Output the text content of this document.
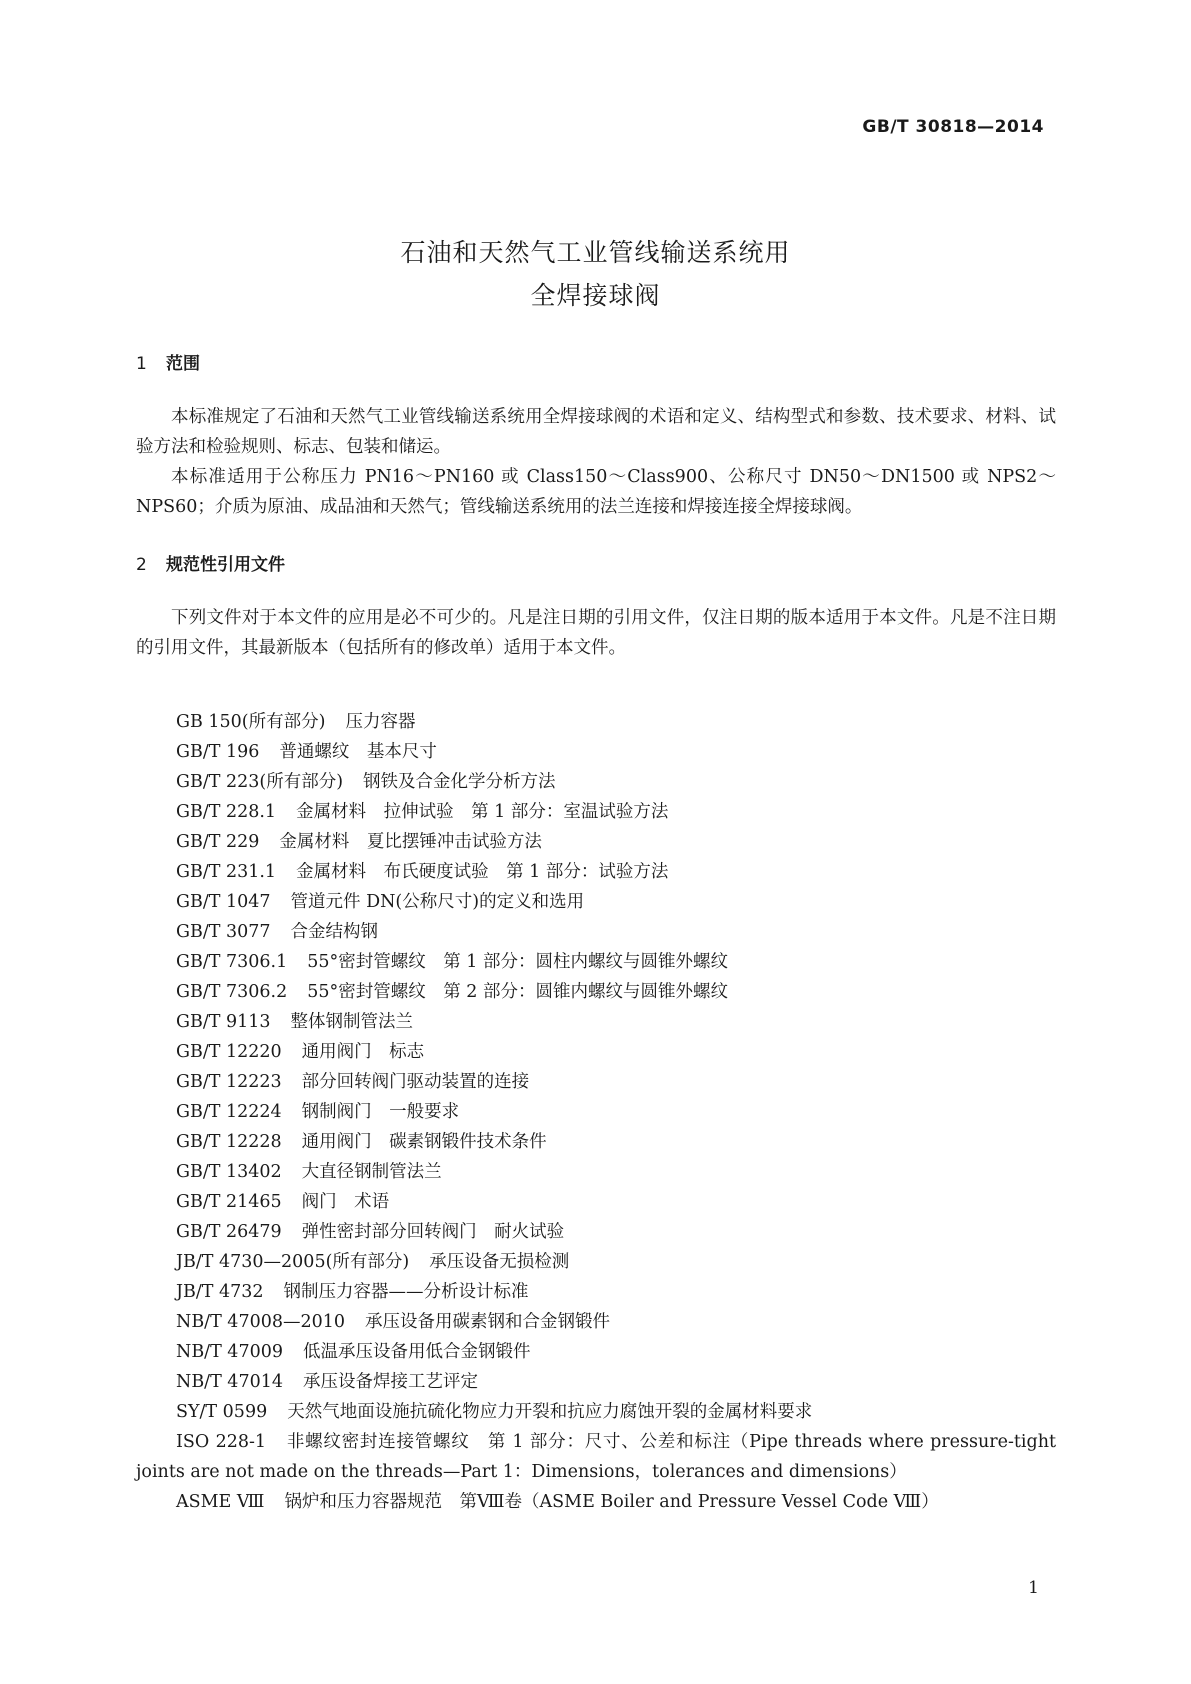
GB/T 30818—2014
石油和天然气工业管线输送系统用
全焊接球阀
1 范围
本标准规定了石油和天然气工业管线输送系统用全焊接球阀的术语和定义、结构型式和参数、技术要求、材料、试验方法和检验规则、标志、包装和储运。
本标准适用于公称压力 PN16～PN160 或 Class150～Class900、公称尺寸 DN50～DN1500 或 NPS2～NPS60；介质为原油、成品油和天然气；管线输送系统用的法兰连接和焊接连接全焊接球阀。
2 规范性引用文件
下列文件对于本文件的应用是必不可少的。凡是注日期的引用文件，仅注日期的版本适用于本文件。凡是不注日期的引用文件，其最新版本（包括所有的修改单）适用于本文件。
GB 150(所有部分) 压力容器
GB/T 196 普通螺纹　基本尺寸
GB/T 223(所有部分) 钢铁及合金化学分析方法
GB/T 228.1 金属材料　拉伸试验　第 1 部分：室温试验方法
GB/T 229 金属材料　夏比摆锤冲击试验方法
GB/T 231.1 金属材料　布氏硬度试验　第 1 部分：试验方法
GB/T 1047 管道元件 DN(公称尺寸)的定义和选用
GB/T 3077 合金结构钢
GB/T 7306.1 55°密封管螺纹　第 1 部分：圆柱内螺纹与圆锥外螺纹
GB/T 7306.2 55°密封管螺纹　第 2 部分：圆锥内螺纹与圆锥外螺纹
GB/T 9113 整体钢制管法兰
GB/T 12220 通用阀门　标志
GB/T 12223 部分回转阀门驱动装置的连接
GB/T 12224 钢制阀门　一般要求
GB/T 12228 通用阀门　碳素钢锻件技术条件
GB/T 13402 大直径钢制管法兰
GB/T 21465 阀门　术语
GB/T 26479 弹性密封部分回转阀门　耐火试验
JB/T 4730—2005(所有部分) 承压设备无损检测
JB/T 4732 钢制压力容器——分析设计标准
NB/T 47008—2010 承压设备用碳素钢和合金钢锻件
NB/T 47009 低温承压设备用低合金钢锻件
NB/T 47014 承压设备焊接工艺评定
SY/T 0599 天然气地面设施抗硫化物应力开裂和抗应力腐蚀开裂的金属材料要求
ISO 228-1 非螺纹密封连接管螺纹　第 1 部分：尺寸、公差和标注（Pipe threads where pressure-tight joints are not made on the threads—Part 1：Dimensions，tolerances and dimensions）
ASME Ⅷ 锅炉和压力容器规范　第Ⅷ卷（ASME Boiler and Pressure Vessel Code Ⅷ）
1
